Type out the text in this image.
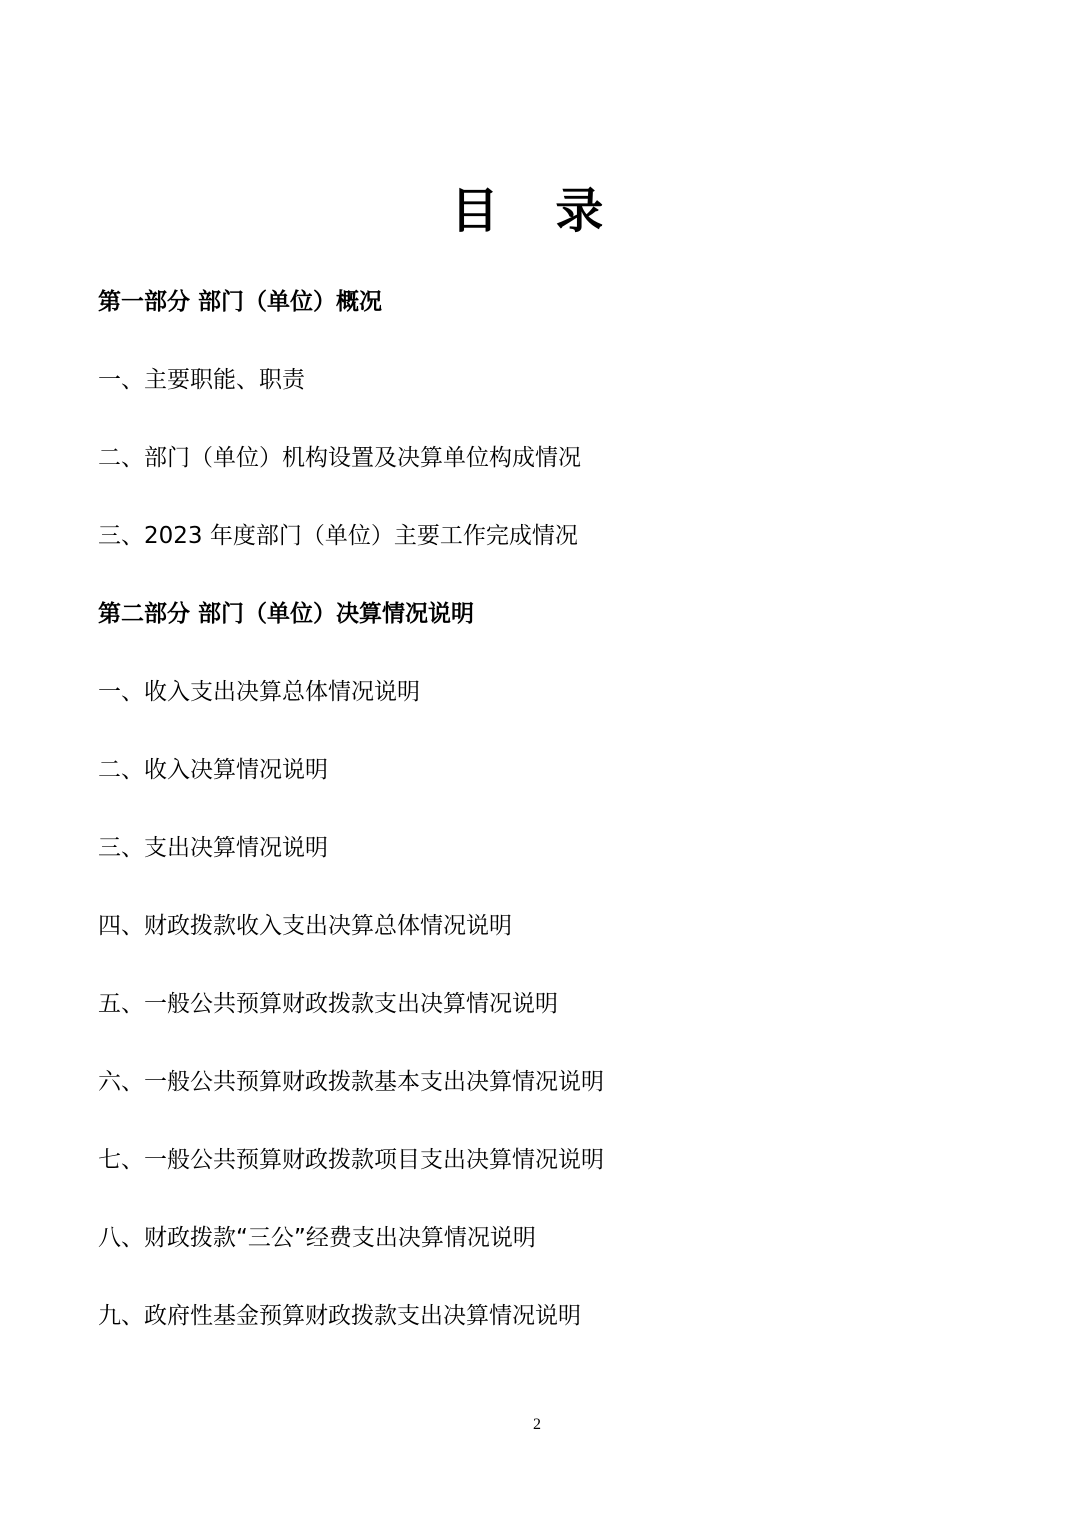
目 录
第一部分 部门（单位）概况
一、主要职能、职责
二、部门（单位）机构设置及决算单位构成情况
三、2023 年度部门（单位）主要工作完成情况
第二部分 部门（单位）决算情况说明
一、收入支出决算总体情况说明
二、收入决算情况说明
三、支出决算情况说明
四、财政拨款收入支出决算总体情况说明
五、一般公共预算财政拨款支出决算情况说明
六、一般公共预算财政拨款基本支出决算情况说明
七、一般公共预算财政拨款项目支出决算情况说明
八、财政拨款“三公”经费支出决算情况说明
九、政府性基金预算财政拨款支出决算情况说明
2
